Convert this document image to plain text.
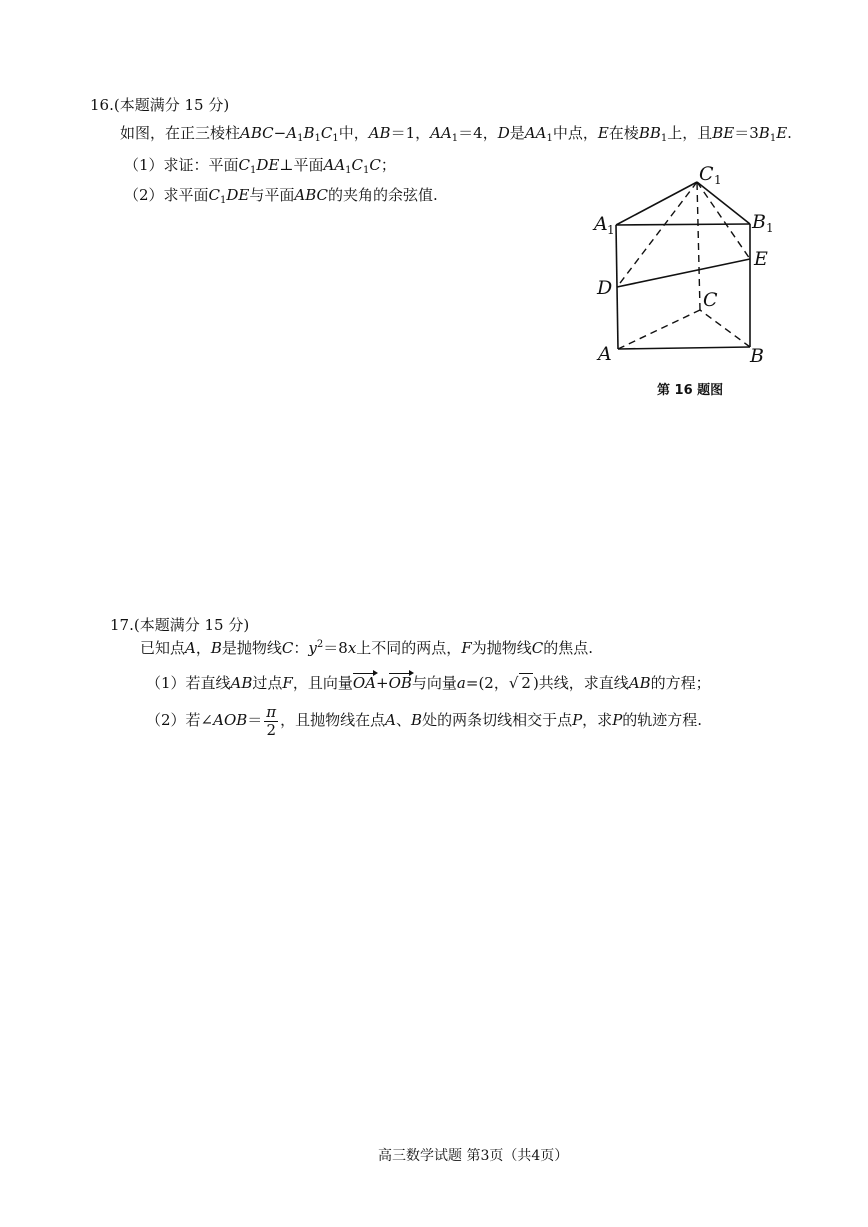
16.(本题满分 15 分)
如图，在正三棱柱$ABC-A_1B_1C_1$中，AB＝1，$AA_1=4$，D是$AA_1$中点，E在棱$BB_1$上，且$BE=3B_1E$.
（1）求证：平面$C_1DE\perp$平面$AA_1C_1C$；
（2）求平面$C_1DE$与平面ABC的夹角的余弦值.
C 1
A 1	B 1
E
D
C
A	B
第 16 题图
17.(本题满分 15 分)
已知点A，B是抛物线C：$y^2=8x$上不同的两点，F为抛物线C的焦点.
（1）若直线AB过点F，且向量OA+OB与向量a=(2，√ 2 )共线，求直线AB的方程；
（2）若∠AOB＝ $\frac{\pi}{2}$ ，且抛物线在点A、B处的两条切线相交于点P，求P的轨迹方程.
高三数学试题 第3页（共4页）
